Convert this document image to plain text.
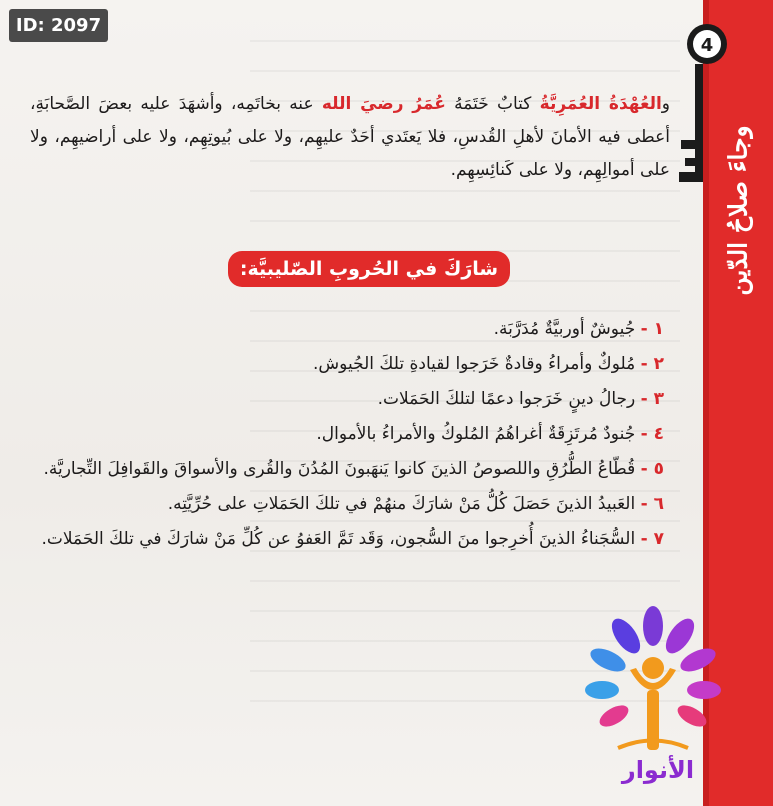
ID: 2097
4
وجاءَ صلاحُ الدّين

والعُهْدَةُ العُمَرِيَّةُ كتابٌ خَتَمَهُ عُمَرُ رضيَ الله عنه بخاتَمِه، وأشهَدَ عليه بعضَ الصَّحابَةِ، أعطى فيه الأمانَ لأهلِ القُدسِ، فلا يَعتَدي أحَدٌ عليهِم، ولا على بُيوتِهِم، ولا على أراضيهِم، ولا على أموالِهِم، ولا على كَنائِسِهِم.

شارَكَ في الحُروبِ الصّليبيَّة:
١ - جُيوشٌ أوربيَّةٌ مُدَرَّبَة.
٢ - مُلوكٌ وأمراءُ وقادةٌ خَرَجوا لقيادةِ تلكَ الجُيوش.
٣ - رجالُ دينٍ خَرَجوا دعمًا لتلكَ الحَمَلات.
٤ - جُنودٌ مُرتَزِقَةٌ أغراهُمُ المُلوكُ والأمراءُ بالأموال.
٥ - قُطّاعُ الطُّرُقِ واللصوصُ الذينَ كانوا يَنهَبونَ المُدُنَ والقُرى والأسواقَ والقَوافِلَ التِّجاريَّة.
٦ - العَبيدُ الذينَ حَصَلَ كُلُّ مَنْ شارَكَ منهُمْ في تلكَ الحَمَلاتِ على حُرِّيَّتِه.
٧ - السُّجَناءُ الذينَ أُخرِجوا منَ السُّجون، وَقَد تَمَّ العَفوُ عن كُلِّ مَنْ شارَكَ في تلكَ الحَمَلات.
الأنوار
